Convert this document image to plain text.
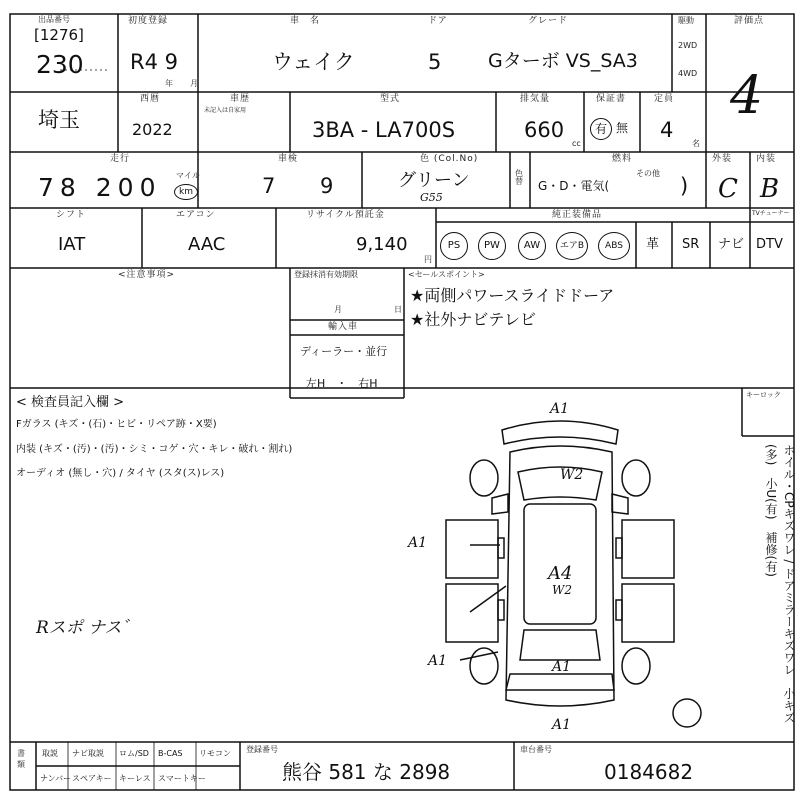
出品番号
[1276]
230
初度登録
R4 9
年 月
車　名
ウェイク
ドア
5
グレード
Gターボ VS_SA3
駆動
2WD
4WD
評価点
4
埼玉
西暦
2022
車歴
未記入は自家用
型式
3BA - LA700S
排気量
660
cc
保証書
有 無
定員
4
名
走行
78 200 マイル
km
車検
7 9
色 (Col.No)
グリーン
G55
色替
燃料
G・D・電気(
その他
)
外装
C
内装
B
シフト
IAT
エアコン
AAC
リサイクル預託金
9,140
円
純正装備品
PS PW AW エアB ABS 革 SR ナビ
TVチューナー
DTV
<注意事項>	登録抹消有効期限
月	日
輸入車
ディーラー・並行
左H　・　右H
<セールスポイント>
★両側パワースライドドーア
★社外ナビテレビ
< 検査員記入欄 >
Fガラス (キズ・(石)・ヒビ・リペア跡・X要)
内装 (キズ・(汚)・(汚)・シミ・コゲ・穴・キレ・破れ・割れ)
オーディオ (無し・穴) / タイヤ (スタ(ス)レス)
Rスポ ナス゛
A1
W2
A1
A4
W2
A1	A1
A1
キーロック
ホイル・CPキズワレ / ドアミラーキズワレ　小キズ(多)　小U(有)　補修(有)
書類
取説 ナビ取説 ロム/SD B-CAS リモコン
ナンバー スペアキー キーレス スマートキー
登録番号
熊谷 581 な 2898
車台番号
0184682
